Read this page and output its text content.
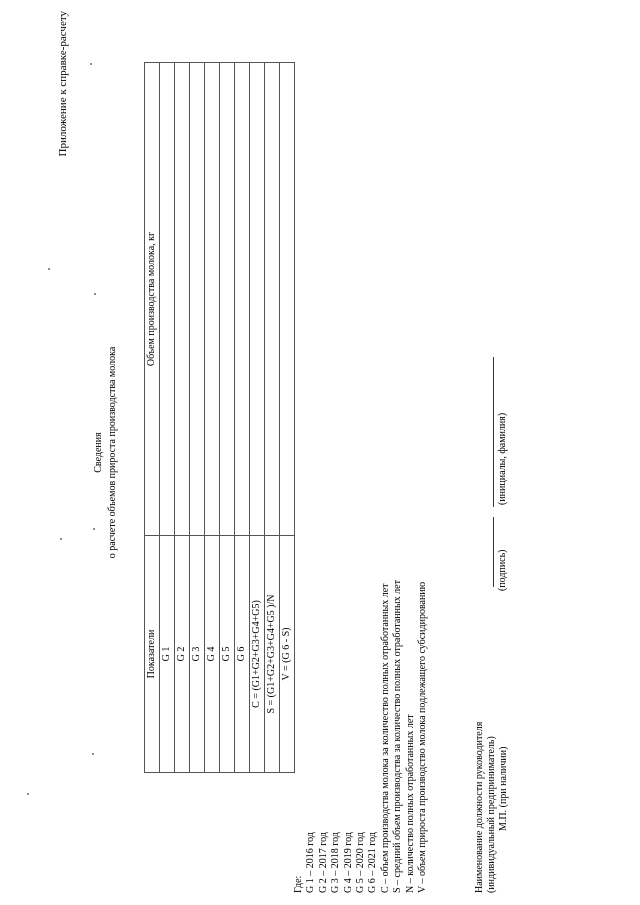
Приложение к справке-расчету
Сведения о расчете объемов прироста производства молока
Показатели	Объем производства молока, кг
G 1	
G 2	
G 3	
G 4	
G 5	
G 6	
C = (G1+G2+G3+G4+G5)	
S = (G1+G2+G3+G4+G5 )/N	
V = (G 6 - S)	
Где: G 1 – 2016 год G 2 – 2017 год G 3 – 2018 год G 4 – 2019 год G 5 – 2020 год G 6 – 2021 год C – объем производства молока за количество полных отработанных лет S – средний объем производства за количество полных отработанных лет N – количество полных отработанных лет V – объем прироста производство молока подлежащего субсидированию	Наименование должности руководителя (индивидуальный предприниматель) М.П. (при наличии)
(подпись)
(инициалы, фамилия)
